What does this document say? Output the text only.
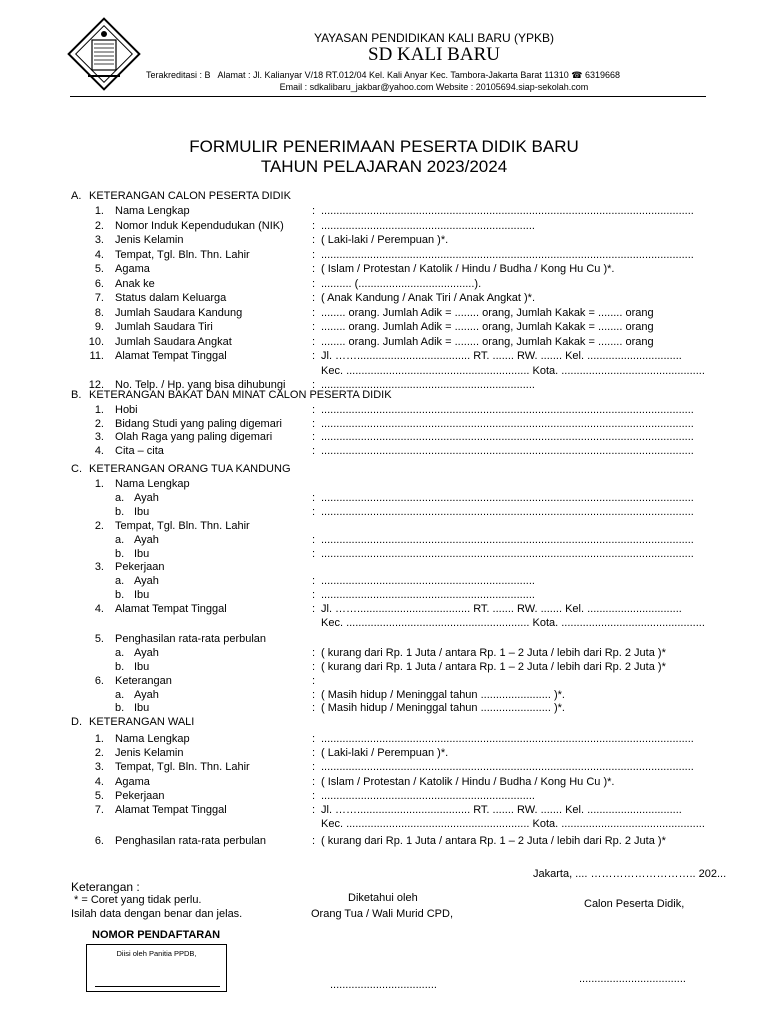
YAYASAN PENDIDIKAN KALI BARU (YPKB)
SD KALI BARU
Terakreditasi : B Alamat : Jl. Kalianyar V/18 RT.012/04 Kel. Kali Anyar Kec. Tambora-Jakarta Barat 11310 ☎ 6319668
Email : sdkalibaru_jakbar@yahoo.com Website : 20105694.siap-sekolah.com
FORMULIR PENERIMAAN PESERTA DIDIK BARU
TAHUN PELAJARAN 2023/2024
A. KETERANGAN CALON PESERTA DIDIK
1. Nama Lengkap	: ..........................................................................................................................
2. Nomor Induk Kependudukan (NIK)	: ......................................................................
3. Jenis Kelamin	: ( Laki-laki / Perempuan )*.
4. Tempat, Tgl. Bln. Thn. Lahir	: ..........................................................................................................................
5. Agama	: ( Islam / Protestan / Katolik / Hindu / Budha / Kong Hu Cu )*.
6. Anak ke	: .......... (......................................).
7. Status dalam Keluarga	: ( Anak Kandung / Anak Tiri / Anak Angkat )*.
8. Jumlah Saudara Kandung	: ........ orang. Jumlah Adik = ........ orang, Jumlah Kakak = ........ orang
9. Jumlah Saudara Tiri	: ........ orang. Jumlah Adik = ........ orang, Jumlah Kakak = ........ orang
10. Jumlah Saudara Angkat	: ........ orang. Jumlah Adik = ........ orang, Jumlah Kakak = ........ orang
11. Alamat Tempat Tinggal	: Jl. ……..................................... RT. ....... RW. ....... Kel. ...............................
Kec. ............................................................ Kota. ...............................................
12. No. Telp. / Hp. yang bisa dihubungi : ......................................................................
B. KETERANGAN BAKAT DAN MINAT CALON PESERTA DIDIK
1. Hobi	: ..........................................................................................................................
2. Bidang Studi yang paling digemari	: ..........................................................................................................................
3. Olah Raga yang paling digemari	: ..........................................................................................................................
4. Cita – cita	: ..........................................................................................................................
C. KETERANGAN ORANG TUA KANDUNG
1. Nama Lengkap
a. Ayah	: ..........................................................................................................................
b. Ibu	: ..........................................................................................................................
2. Tempat, Tgl. Bln. Thn. Lahir
a. Ayah	: ..........................................................................................................................
b. Ibu	: ..........................................................................................................................
3. Pekerjaan
a. Ayah	: ......................................................................
b. Ibu	: ......................................................................
4. Alamat Tempat Tinggal	: Jl. ……..................................... RT. ....... RW. ....... Kel. ...............................
Kec. ............................................................ Kota. ...............................................
5. Penghasilan rata-rata perbulan
a. Ayah	: ( kurang dari Rp. 1 Juta / antara Rp. 1 – 2 Juta / lebih dari Rp. 2 Juta )*
b. Ibu	: ( kurang dari Rp. 1 Juta / antara Rp. 1 – 2 Juta / lebih dari Rp. 2 Juta )*
6. Keterangan	:
a. Ayah	: ( Masih hidup / Meninggal tahun ....................... )*.
b. Ibu	: ( Masih hidup / Meninggal tahun ....................... )*.
D. KETERANGAN WALI
1. Nama Lengkap	: ..........................................................................................................................
2. Jenis Kelamin	: ( Laki-laki / Perempuan )*.
3. Tempat, Tgl. Bln. Thn. Lahir	: ..........................................................................................................................
4. Agama	: ( Islam / Protestan / Katolik / Hindu / Budha / Kong Hu Cu )*.
5. Pekerjaan	: ......................................................................
7. Alamat Tempat Tinggal	: Jl. ……..................................... RT. ....... RW. ....... Kel. ...............................
Kec. ............................................................ Kota. ...............................................
6. Penghasilan rata-rata perbulan	: ( kurang dari Rp. 1 Juta / antara Rp. 1 – 2 Juta / lebih dari Rp. 2 Juta )*
Jakarta, .... ……………………….. 202...
Keterangan :
* = Coret yang tidak perlu.
Isilah data dengan benar dan jelas.
Diketahui oleh
Orang Tua / Wali Murid CPD,
Calon Peserta Didik,
NOMOR PENDAFTARAN
Diisi oleh Panitia PPDB,
...................................	...................................
